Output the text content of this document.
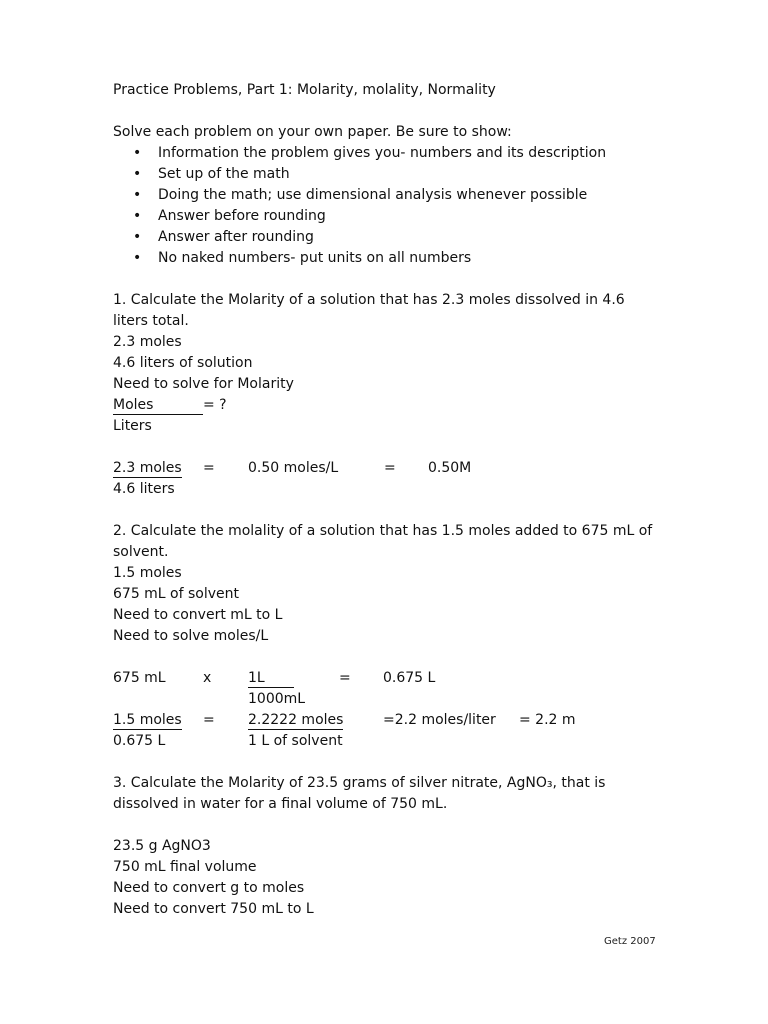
Practice Problems, Part 1: Molarity, molality, Normality
Solve each problem on your own paper. Be sure to show:
• Information the problem gives you- numbers and its description
• Set up of the math
• Doing the math; use dimensional analysis whenever possible
• Answer before rounding
• Answer after rounding
• No naked numbers- put units on all numbers
1. Calculate the Molarity of a solution that has 2.3 moles dissolved in 4.6 liters total.
2.3 moles
4.6 liters of solution
Need to solve for Molarity
Moles	= ?
Liters
2.3 moles = 0.50 moles/L	= 0.50M
4.6 liters
2. Calculate the molality of a solution that has 1.5 moles added to 675 mL of solvent.
1.5 moles
675 mL of solvent
Need to convert mL to L
Need to solve moles/L
675 mL	x	1L	= 0.675 L
1000mL
1.5 moles = 2.2222 moles	=2.2 moles/liter = 2.2 m
0.675 L	1 L of solvent
3. Calculate the Molarity of 23.5 grams of silver nitrate, AgNO₃, that is dissolved in water for a final volume of 750 mL.
23.5 g AgNO3
750 mL final volume
Need to convert g to moles
Need to convert 750 mL to L
Getz 2007
